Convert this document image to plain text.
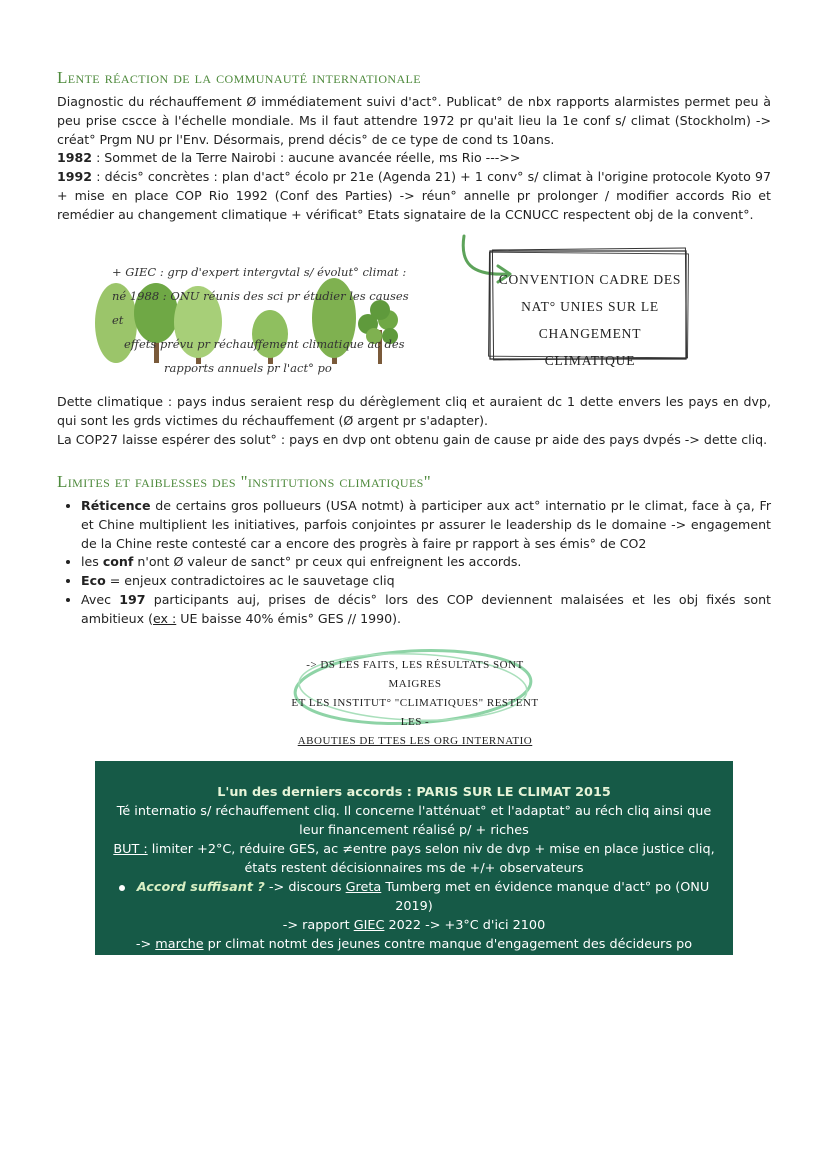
Lente réaction de la communauté internationale

Diagnostic du réchauffement Ø immédiatement suivi d'act°. Publicat° de nbx rapports alarmistes permet peu à peu prise cscce à l'échelle mondiale. Ms il faut attendre 1972 pr qu'ait lieu la 1e conf s/ climat (Stockholm) -> créat° Prgm NU pr l'Env. Désormais, prend décis° de ce type de cond ts 10ans.

1982 : Sommet de la Terre Nairobi : aucune avancée réelle, ms Rio --->>

1992 : décis° concrètes : plan d'act° écolo pr 21e (Agenda 21) + 1 conv° s/ climat à l'origine protocole Kyoto 97 + mise en place COP Rio 1992 (Conf des Parties) -> réun° annelle pr prolonger / modifier accords Rio et remédier au changement climatique + vérificat° Etats signataire de la CCNUCC respectent obj de la convent°.

+ GIEC : grp d'expert intergvtal s/ évolut° climat :
né 1988 : ONU réunis des sci pr étudier les causes et
effets prévu pr réchauffement climatique ac des
rapports annuels pr l'act° po
CONVENTION CADRE DES
NAT° UNIES SUR LE
CHANGEMENT CLIMATIQUE

Dette climatique : pays indus seraient resp du dérèglement cliq et auraient dc 1 dette envers les pays en dvp, qui sont les grds victimes du réchauffement (Ø argent pr s'adapter).

La COP27 laisse espérer des solut° : pays en dvp ont obtenu gain de cause pr aide des pays dvpés -> dette cliq.

Limites et faiblesses des "institutions climatiques"
• Réticence de certains gros pollueurs (USA notmt) à participer aux act° internatio pr le climat, face à ça, Fr et Chine multiplient les initiatives, parfois conjointes pr assurer le leadership ds le domaine -> engagement de la Chine reste contesté car a encore des progrès à faire pr rapport à ses émis° de CO2
• les conf n'ont Ø valeur de sanct° pr ceux qui enfreignent les accords.
• Eco = enjeux contradictoires ac le sauvetage cliq
• Avec 197 participants auj, prises de décis° lors des COP deviennent malaisées et les obj fixés sont ambitieux (ex : UE baisse 40% émis° GES // 1990).
-> DS LES FAITS, LES RÉSULTATS SONT MAIGRES
ET LES INSTITUT° "CLIMATIQUES" RESTENT LES -
ABOUTIES DE TTES LES ORG INTERNATIO
L'un des derniers accords : PARIS SUR LE CLIMAT 2015
Té internatio s/ réchauffement cliq. Il concerne l'atténuat° et l'adaptat° au réch cliq ainsi que leur financement réalisé p/ + riches
BUT : limiter +2°C, réduire GES, ac ≠entre pays selon niv de dvp + mise en place justice cliq, états restent décisionnaires ms de +/+ observateurs
Accord suffisant ? -> discours Greta Tumberg met en évidence manque d'act° po (ONU 2019)
-> rapport GIEC 2022 -> +3°C d'ici 2100
-> marche pr climat notmt des jeunes contre manque d'engagement des décideurs po
